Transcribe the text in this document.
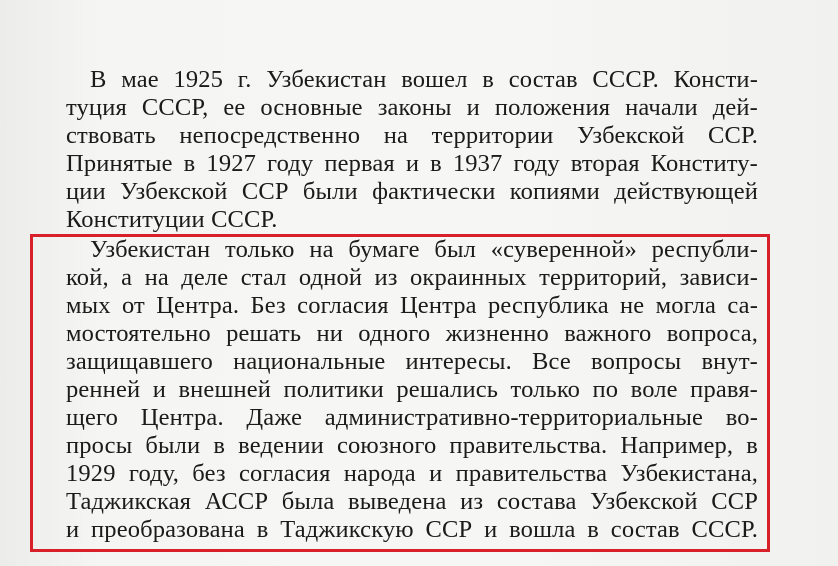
В мае 1925 г. Узбекистан вошел в состав СССР. Консти-
туция СССР, ее основные законы и положения начали дей-
ствовать непосредственно на территории Узбекской ССР.
Принятые в 1927 году первая и в 1937 году вторая Конститу-
ции Узбекской ССР были фактически копиями действующей
Конституции СССР.
Узбекистан только на бумаге был «суверенной» республи-
кой, а на деле стал одной из окраинных территорий, зависи-
мых от Центра. Без согласия Центра республика не могла са-
мостоятельно решать ни одного жизненно важного вопроса,
защищавшего национальные интересы. Все вопросы внут-
ренней и внешней политики решались только по воле правя-
щего Центра. Даже административно-территориальные во-
просы были в ведении союзного правительства. Например, в
1929 году, без согласия народа и правительства Узбекистана,
Таджикская АССР была выведена из состава Узбекской ССР
и преобразована в Таджикскую ССР и вошла в состав СССР.
